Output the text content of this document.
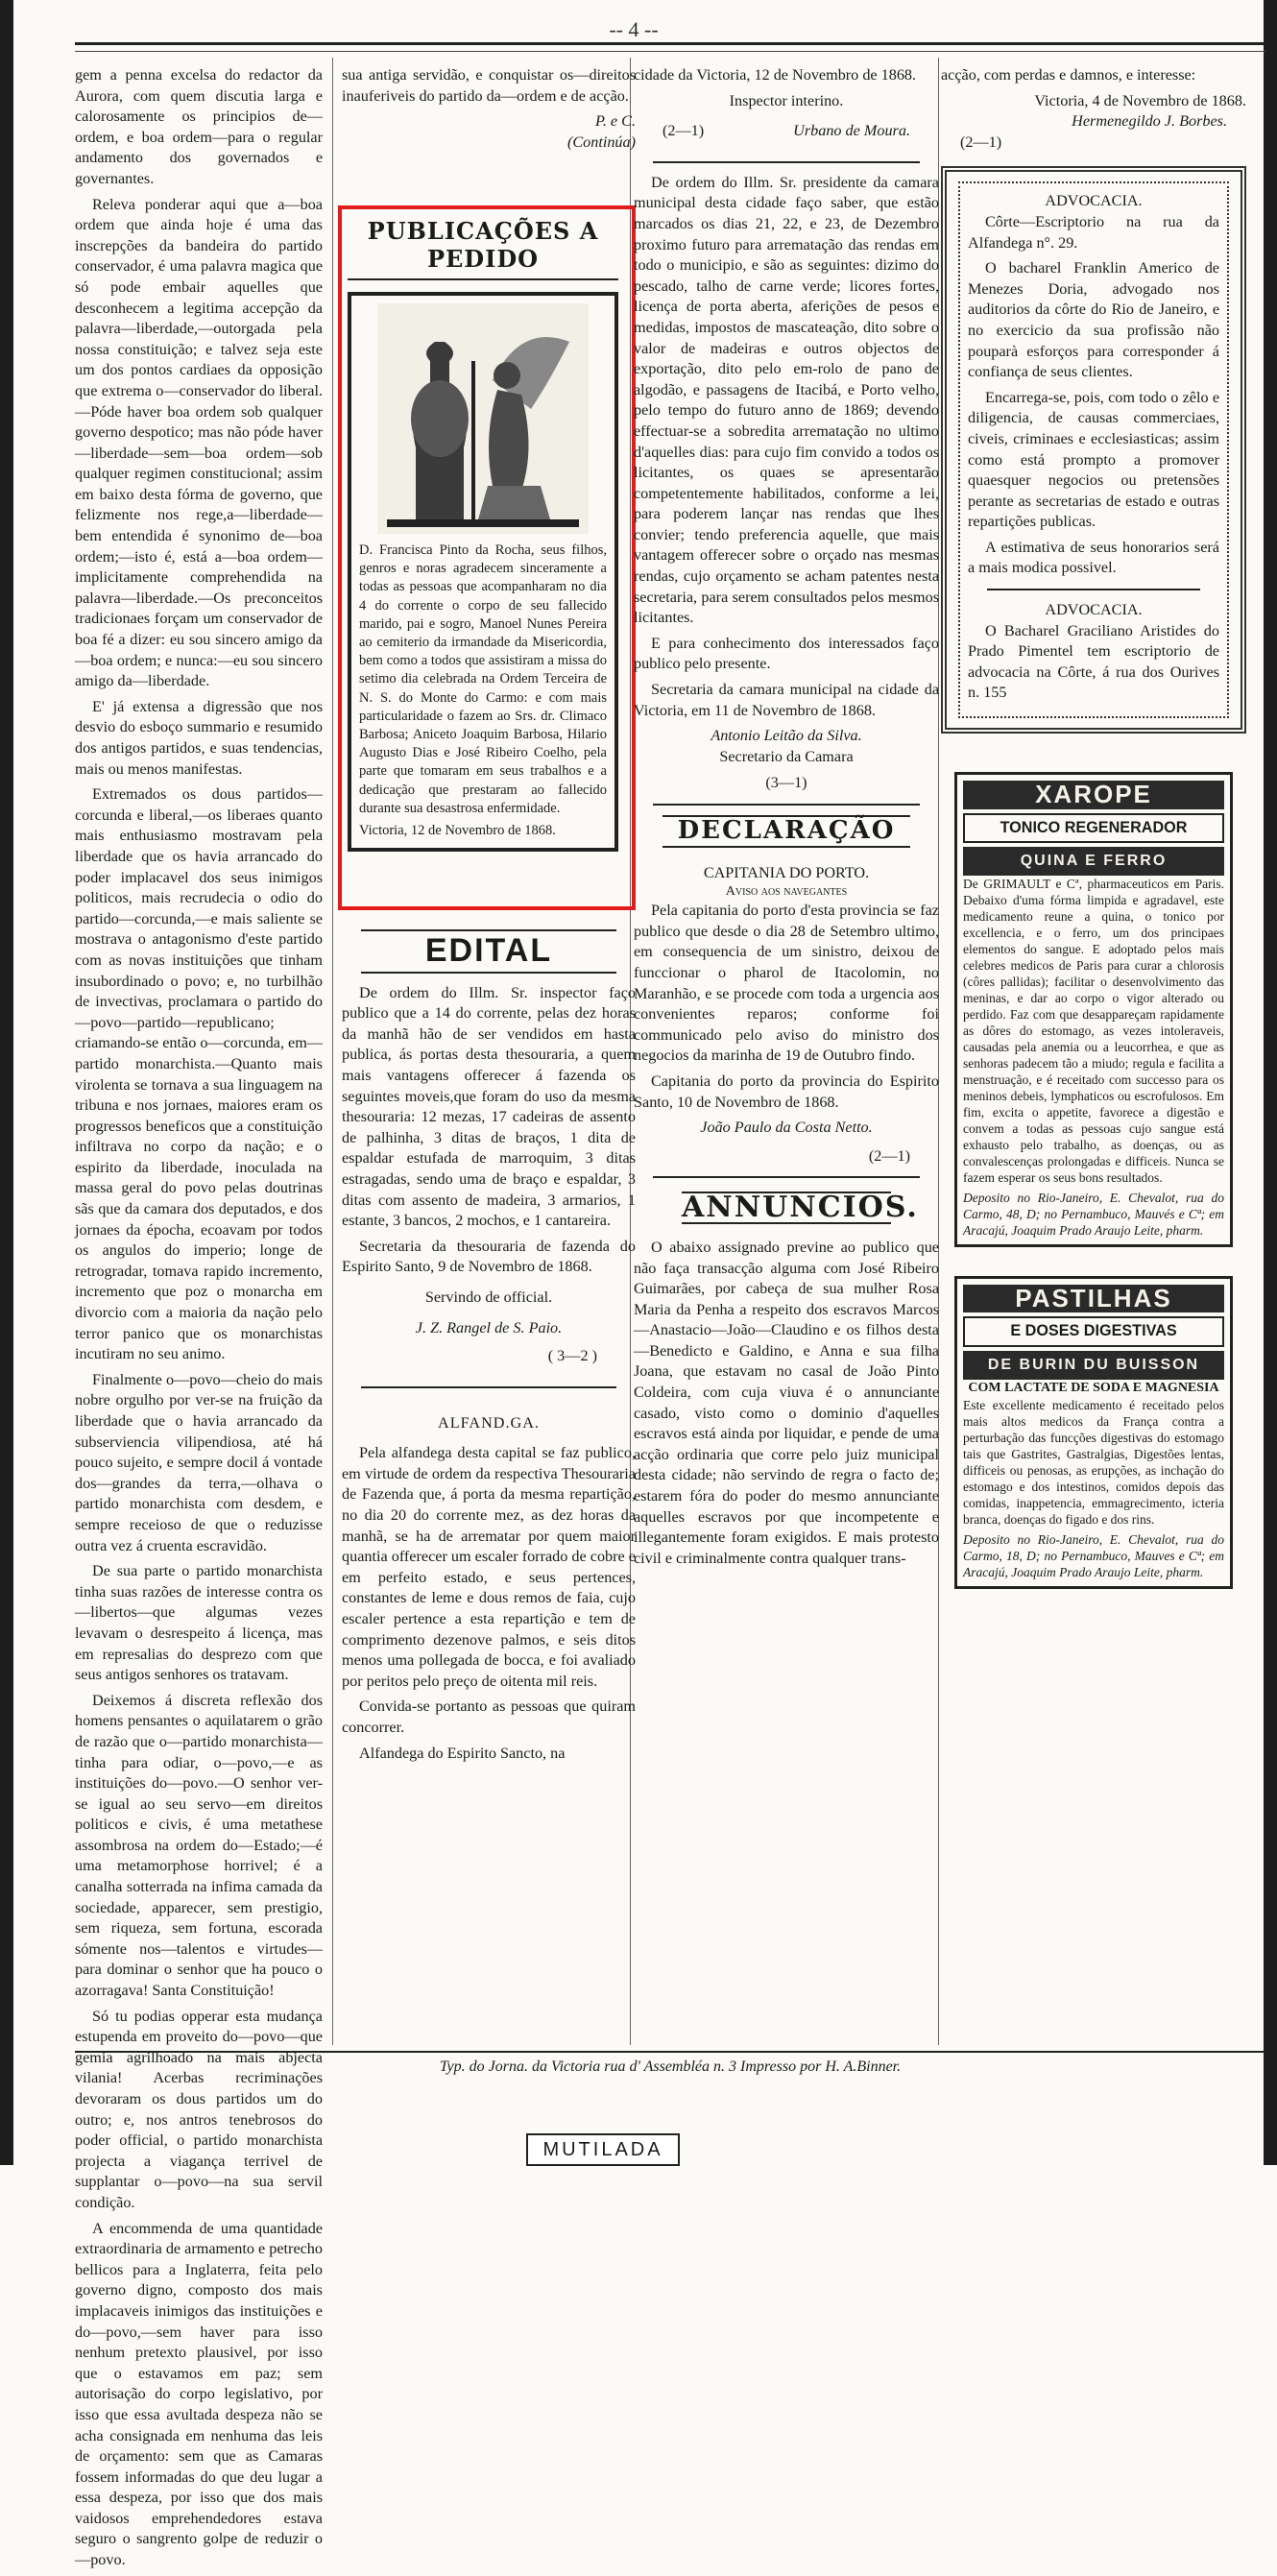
-- 4 --

gem a penna excelsa do redactor da Aurora, com quem discutia larga e calorosamente os principios de—ordem, e boa ordem—para o regular andamento dos governados e governantes.

Releva ponderar aqui que a—boa ordem que ainda hoje é uma das inscrepções da bandeira do partido conservador, é uma palavra magica que só pode embair aquelles que desconhecem a legitima accepção da palavra—liberdade,—outorgada pela nossa constituição; e talvez seja este um dos pontos cardiaes da opposição que extrema o—conservador do liberal.—Póde haver boa ordem sob qualquer governo despotico; mas não póde haver—liberdade—sem—boa ordem—sob qualquer regimen constitucional; assim em baixo desta fórma de governo, que felizmente nos rege,a—liberdade—bem entendida é synonimo de—boa ordem;—isto é, está a—boa ordem—implicitamente comprehendida na palavra—liberdade.—Os preconceitos tradicionaes forçam um conservador de boa fé a dizer: eu sou sincero amigo da—boa ordem; e nunca:—eu sou sincero amigo da—liberdade.

E' já extensa a digressão que nos desvio do esboço summario e resumido dos antigos partidos, e suas tendencias, mais ou menos manifestas.

Extremados os dous partidos—corcunda e liberal,—os liberaes quanto mais enthusiasmo mostravam pela liberdade que os havia arrancado do poder implacavel dos seus inimigos politicos, mais recrudecia o odio do partido—corcunda,—e mais saliente se mostrava o antagonismo d'este partido com as novas instituições que tinham insubordinado o povo; e, no turbilhão de invectivas, proclamara o partido do—povo—partido—republicano; criamando-se então o—corcunda, em—partido monarchista.—Quanto mais virolenta se tornava a sua linguagem na tribuna e nos jornaes, maiores eram os progressos beneficos que a constituição infiltrava no corpo da nação; e o espirito da liberdade, inoculada na massa geral do povo pelas doutrinas sãs que da camara dos deputados, e dos jornaes da épocha, ecoavam por todos os angulos do imperio; longe de retrogradar, tomava rapido incremento, incremento que poz o monarcha em divorcio com a maioria da nação pelo terror panico que os monarchistas incutiram no seu animo.

Finalmente o—povo—cheio do mais nobre orgulho por ver-se na fruição da liberdade que o havia arrancado da subserviencia vilipendiosa, até há pouco sujeito, e sempre docil á vontade dos—grandes da terra,—olhava o partido monarchista com desdem, e sempre receioso de que o reduzisse outra vez á cruenta escravidão.

De sua parte o partido monarchista tinha suas razões de interesse contra os—libertos—que algumas vezes levavam o desrespeito á licença, mas em represalias do desprezo com que seus antigos senhores os tratavam.

Deixemos á discreta reflexão dos homens pensantes o aquilatarem o grão de razão que o—partido monarchista—tinha para odiar, o—povo,—e as instituições do—povo.—O senhor ver-se igual ao seu servo—em direitos politicos e civis, é uma metathese assombrosa na ordem do—Estado;—é uma metamorphose horrivel; é a canalha sotterrada na infima camada da sociedade, apparecer, sem prestigio, sem riqueza, sem fortuna, escorada sómente nos—talentos e virtudes—para dominar o senhor que ha pouco o azorragava! Santa Constituição!

Só tu podias opperar esta mudança estupenda em proveito do—povo—que gemia agrilhoado na mais abjecta vilania! Acerbas recriminações devoraram os dous partidos um do outro; e, nos antros tenebrosos do poder official, o partido monarchista projecta a viagança terrivel de supplantar o—povo—na sua servil condição.

A encommenda de uma quantidade extraordinaria de armamento e petrecho bellicos para a Inglaterra, feita pelo governo digno, composto dos mais implacaveis inimigos das instituições e do—povo,—sem haver para isso nenhum pretexto plausivel, por isso que o estavamos em paz; sem autorisação do corpo legislativo, por isso que essa avultada despeza não se acha consignada em nenhuma das leis de orçamento: sem que as Camaras fossem informadas do que deu lugar a essa despeza, por isso que dos mais vaidosos emprehendedores estava seguro o sangrento golpe de reduzir o—povo.

sua antiga servidão, e conquistar os—direitos inauferiveis do partido da—ordem e de acção.

P. e C.
(Continúa)
PUBLICAÇÕES A PEDIDO
D. Francisca Pinto da Rocha, seus filhos, genros e noras agradecem sinceramente a todas as pessoas que acompanharam no dia 4 do corrente o corpo de seu fallecido marido, pai e sogro, Manoel Nunes Pereira ao cemiterio da irmandade da Misericordia, bem como a todos que assistiram a missa do setimo dia celebrada na Ordem Terceira de N. S. do Monte do Carmo: e com mais particularidade o fazem ao Srs. dr. Climaco Barbosa; Aniceto Joaquim Barbosa, Hilario Augusto Dias e José Ribeiro Coelho, pela parte que tomaram em seus trabalhos e a dedicação que prestaram ao fallecido durante sua desastrosa enfermidade.
Victoria, 12 de Novembro de 1868.
EDITAL

De ordem do Illm. Sr. inspector faço publico que a 14 do corrente, pelas dez horas da manhã hão de ser vendidos em hasta publica, ás portas desta thesouraria, a quem mais vantagens offerecer á fazenda os seguintes moveis,que foram do uso da mesma thesouraria: 12 mezas, 17 cadeiras de assento de palhinha, 3 ditas de braços, 1 dita de espaldar estufada de marroquim, 3 ditas estragadas, sendo uma de braço e espaldar, 3 ditas com assento de madeira, 3 armarios, 1 estante, 3 bancos, 2 mochos, e 1 cantareira.

Secretaria da thesouraria de fazenda do Espirito Santo, 9 de Novembro de 1868.

Servindo de official.
J. Z. Rangel de S. Paio.
( 3—2 )
ALFAND.GA.

Pela alfandega desta capital se faz publico, em virtude de ordem da respectiva Thesouraria de Fazenda que, á porta da mesma repartição, no dia 20 do corrente mez, as dez horas da manhã, se ha de arrematar por quem maior quantia offerecer um escaler forrado de cobre e em perfeito estado, e seus pertences, constantes de leme e dous remos de faia, cujo escaler pertence a esta repartição e tem de comprimento dezenove palmos, e seis ditos menos uma pollegada de bocca, e foi avaliado por peritos pelo preço de oitenta mil reis.

Convida-se portanto as pessoas que quiram concorrer.

Alfandega do Espirito Sancto, na

cidade da Victoria, 12 de Novembro de 1868.

Inspector interino.
(2—1)	Urbano de Moura.

De ordem do Illm. Sr. presidente da camara municipal desta cidade faço saber, que estão marcados os dias 21, 22, e 23, de Dezembro proximo futuro para arrematação das rendas em todo o municipio, e são as seguintes: dizimo do pescado, talho de carne verde; licores fortes, licença de porta aberta, aferições de pesos e medidas, impostos de mascateação, dito sobre o valor de madeiras e outros objectos de exportação, dito pelo em-rolo de pano de algodão, e passagens de Itacibá, e Porto velho, pelo tempo do futuro anno de 1869; devendo effectuar-se a sobredita arrematação no ultimo d'aquelles dias: para cujo fim convido a todos os licitantes, os quaes se apresentarão competentemente habilitados, conforme a lei, para poderem lançar nas rendas que lhes convier; tendo preferencia aquelle, que mais vantagem offerecer sobre o orçado nas mesmas rendas, cujo orçamento se acham patentes nesta secretaria, para serem consultados pelos mesmos licitantes.

E para conhecimento dos interessados faço publico pelo presente.

Secretaria da camara municipal na cidade da Victoria, em 11 de Novembro de 1868.

Antonio Leitão da Silva.
Secretario da Camara
(3—1)
DECLARAÇÃO
CAPITANIA DO PORTO.
Aviso aos navegantes

Pela capitania do porto d'esta provincia se faz publico que desde o dia 28 de Setembro ultimo, em consequencia de um sinistro, deixou de funccionar o pharol de Itacolomin, no Maranhão, e se procede com toda a urgencia aos convenientes reparos; conforme foi communicado pelo aviso do ministro dos negocios da marinha de 19 de Outubro findo.

Capitania do porto da provincia do Espirito Santo, 10 de Novembro de 1868.

João Paulo da Costa Netto.
(2—1)
ANNUNCIOS.

O abaixo assignado previne ao publico que não faça transacção alguma com José Ribeiro Guimarães, por cabeça de sua mulher Rosa Maria da Penha a respeito dos escravos Marcos—Anastacio—João—Claudino e os filhos desta—Benedicto e Galdino, e Anna e sua filha Joana, que estavam no casal de João Pinto Coldeira, com cuja viuva é o annunciante casado, visto como o dominio d'aquelles escravos está ainda por liquidar, e pende de uma acção ordinaria que corre pelo juiz municipal desta cidade; não servindo de regra o facto de; estarem fóra do poder do mesmo annunciante aquelles escravos por que incompetente e illegantemente foram exigidos. E mais protesto civil e criminalmente contra qualquer trans-

acção, com perdas e damnos, e interesse:

Victoria, 4 de Novembro de 1868.
Hermenegildo J. Borbes.
(2—1)
ADVOCACIA.

Côrte—Escriptorio na rua da Alfandega n°. 29.

O bacharel Franklin Americo de Menezes Doria, advogado nos auditorios da côrte do Rio de Janeiro, e no exercicio da sua profissão não pouparà esforços para corresponder á confiança de seus clientes.

Encarrega-se, pois, com todo o zêlo e diligencia, de causas commerciaes, civeis, criminaes e ecclesiasticas; assim como está prompto a promover quaesquer negocios ou pretensões perante as secretarias de estado e outras repartições publicas.

A estimativa de seus honorarios será a mais modica possivel.

ADVOCACIA.

O Bacharel Graciliano Aristides do Prado Pimentel tem escriptorio de advocacia na Côrte, á rua dos Ourives n. 155

XAROPE
TONICO REGENERADOR
QUINA E FERRO
De GRIMAULT e Cª, pharmaceuticos em Paris. Debaixo d'uma fórma limpida e agradavel, este medicamento reune a quina, o tonico por excellencia, e o ferro, um dos principaes elementos do sangue. E adoptado pelos mais celebres medicos de Paris para curar a chlorosis (côres pallidas); facilitar o desenvolvimento das meninas, e dar ao corpo o vigor alterado ou perdido. Faz com que desappareçam rapidamente as dôres do estomago, as vezes intoleraveis, causadas pela anemia ou a leucorrhea, e que as senhoras padecem tão a miudo; regula e facilita a menstruação, e é receitado com successo para os meninos debeis, lymphaticos ou escrofulosos. Em fim, excita o appetite, favorece a digestão e convem a todas as pessoas cujo sangue está exhausto pelo trabalho, as doenças, ou as convalescenças prolongadas e difficeis. Nunca se fazem esperar os seus bons resultados.
Deposito no Rio-Janeiro, E. Chevalot, rua do Carmo, 48, D; no Pernambuco, Mauvés e Cª; em Aracajú, Joaquim Prado Araujo Leite, pharm.
PASTILHAS
E DOSES DIGESTIVAS
DE BURIN DU BUISSON
COM LACTATE DE SODA E MAGNESIA
Este excellente medicamento é receitado pelos mais altos medicos da França contra a perturbação das funcções digestivas do estomago tais que Gastrites, Gastralgias, Digestões lentas, difficeis ou penosas, as erupções, as inchação do estomago e dos intestinos, comidos depois das comidas, inappetencia, emmagrecimento, icteria branca, doenças do figado e dos rins.
Deposito no Rio-Janeiro, E. Chevalot, rua do Carmo, 18, D; no Pernambuco, Mauves e Cª; em Aracajú, Joaquim Prado Araujo Leite, pharm.
Typ. do Jorna. da Victoria rua d' Assembléa n. 3 Impresso por H. A.Binner.
MUTILADA
